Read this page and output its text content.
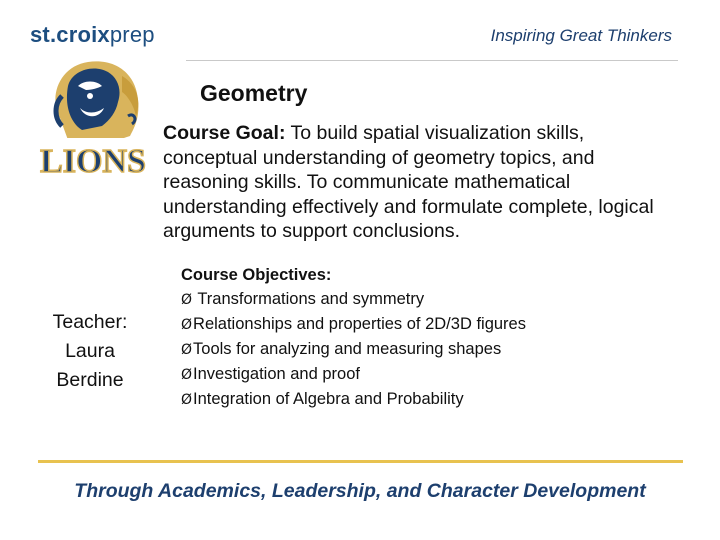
st.croixprep	Inspiring Great Thinkers
LIONS
Geometry
Course Goal: To build spatial visualization skills, conceptual understanding of geometry topics, and reasoning skills. To communicate mathematical understanding effectively and formulate complete, logical arguments to support conclusions.
Teacher:
Laura
Berdine
Course Objectives:
Ø Transformations and symmetry
ØRelationships and properties of 2D/3D figures
ØTools for analyzing and measuring shapes
ØInvestigation and proof
ØIntegration of Algebra and Probability
Through Academics, Leadership, and Character Development
